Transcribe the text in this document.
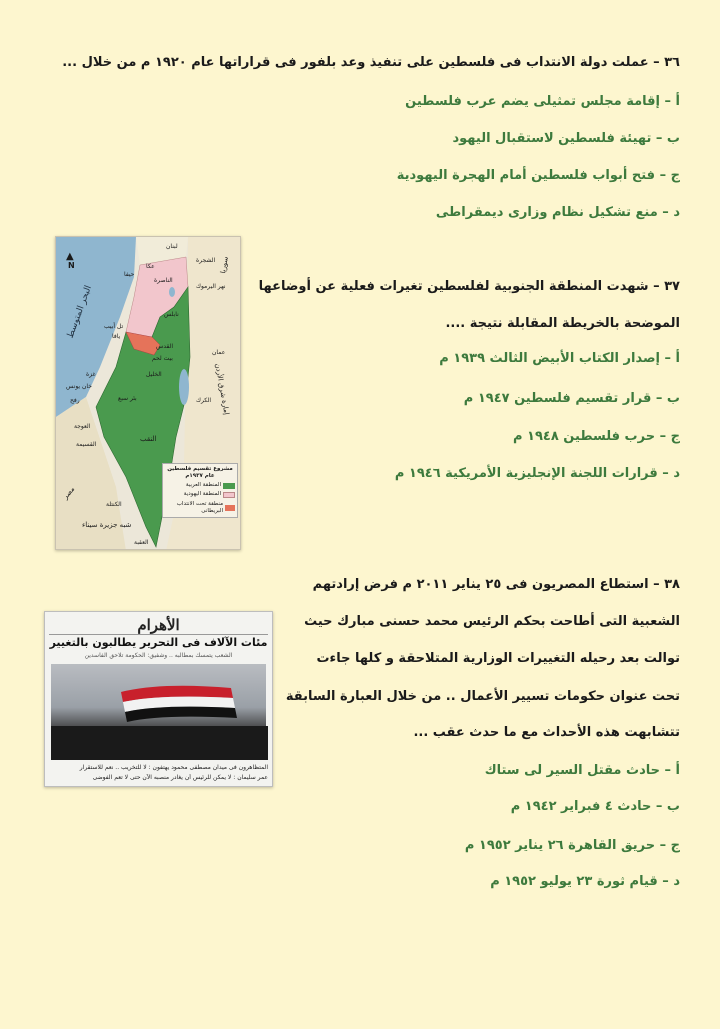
٣٦ – عملت دولة الانتداب فى فلسطين على تنفيذ وعد بلفور فى قراراتها عام ١٩٢٠ م من خلال ...
أ – إقامة مجلس تمثيلى يضم عرب فلسطين
ب – تهيئة فلسطين لاستقبال اليهود
ج – فتح أبواب فلسطين أمام الهجرة اليهودية
د – منع تشكيل نظام وزارى ديمقراطى
N
▲
لبنان
سوريا
البحر المتوسط
عكا
حيفا
الشجرة
الناصرة
نهر اليرموك
نابلس
تل أبيب
يافا
القدس
بيت لحم
عمان
غزة
خان يونس
الخليل
رفح	الكرك إمارة شرق الأردن
بئر سبع
النقب
العوجة
القسيمة
مصر
الكنتلة
شبه جزيرة سيناء
العقبة
مشروع تقسيم فلسطين عام ١٩٣٧م
المنطقة العربية
المنطقة اليهودية
منطقة تحت الانتداب البريطانى
٣٧ – شهدت المنطقة الجنوبية لفلسطين تغيرات فعلية عن أوضاعها
الموضحة بالخريطة المقابلة نتيجة ....
أ – إصدار الكتاب الأبيض الثالث ١٩٣٩ م
ب – قرار تقسيم فلسطين ١٩٤٧ م
ج – حرب فلسطين ١٩٤٨ م
د – قرارات اللجنة الإنجليزية الأمريكية ١٩٤٦ م
٣٨ – استطاع المصريون فى ٢٥ يناير ٢٠١١ م فرض إرادتهم
الشعبية التى أطاحت بحكم الرئيس محمد حسنى مبارك حيث
توالت بعد رحيله التغييرات الوزارية المتلاحقة و كلها جاءت
تحت عنوان حكومات تسيير الأعمال .. من خلال العبارة السابقة
تتشابهت هذه الأحداث مع ما حدث عقب ...
أ – حادث مقتل السير لى ستاك
ب – حادث ٤ فبراير ١٩٤٢ م
ج – حريق القاهرة ٢٦ يناير ١٩٥٢ م
د – قيام ثورة ٢٣ يوليو ١٩٥٢ م
الأهرام
مئات الآلاف فى التحرير يطالبون بالتغيير
الشعب يتمسك بمطالبه .. وشفيق: الحكومة تلاحق الفاسدين
المتظاهرون فى ميدان مصطفى محمود يهتفون : لا للتخريب .. نعم للاستقرار
عمر سليمان : لا يمكن للرئيس أن يغادر منصبه الآن حتى لا تعم الفوضى
